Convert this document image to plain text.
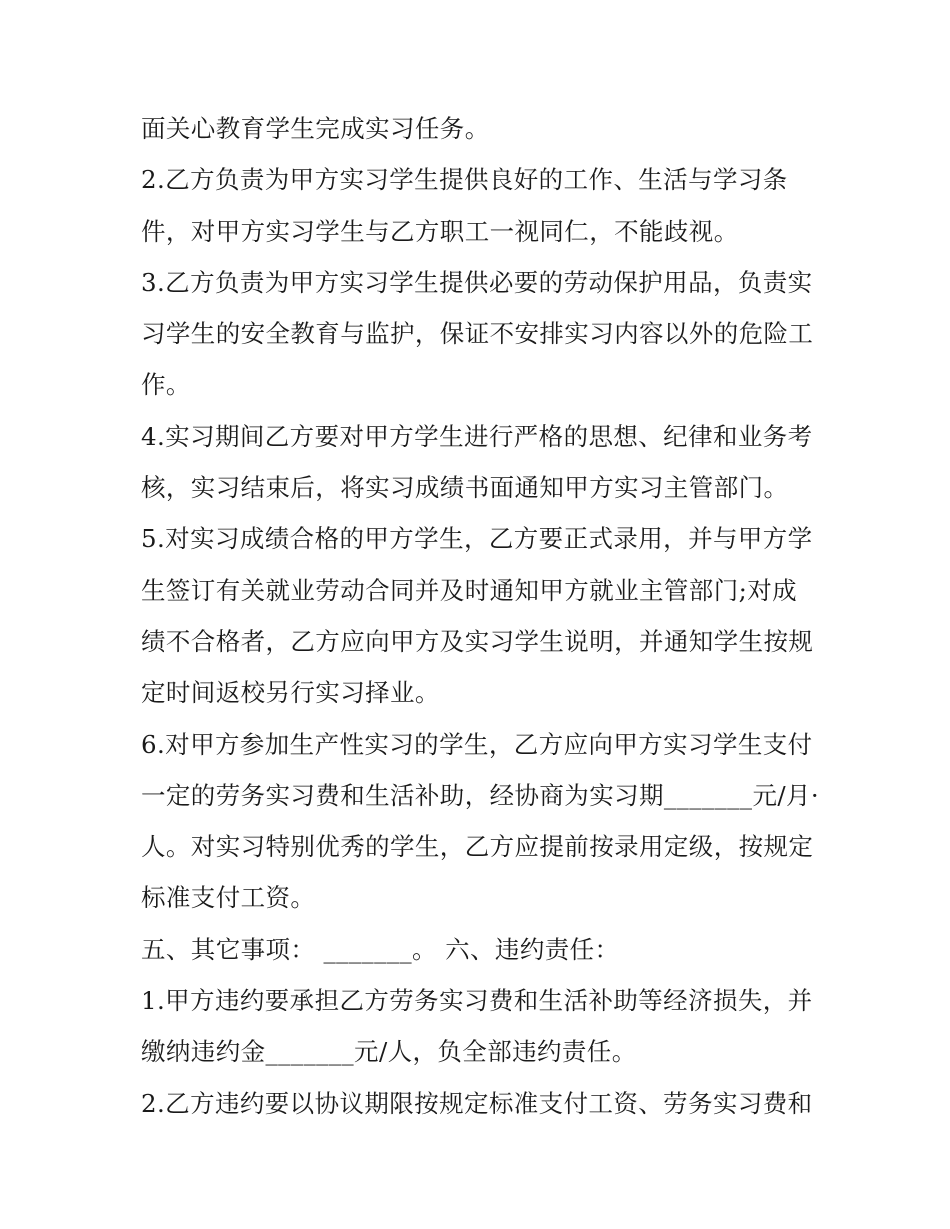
面关心教育学生完成实习任务。
2.乙方负责为甲方实习学生提供良好的工作、生活与学习条
件，对甲方实习学生与乙方职工一视同仁，不能歧视。
3.乙方负责为甲方实习学生提供必要的劳动保护用品，负责实
习学生的安全教育与监护，保证不安排实习内容以外的危险工
作。
4.实习期间乙方要对甲方学生进行严格的思想、纪律和业务考
核，实习结束后，将实习成绩书面通知甲方实习主管部门。
5.对实习成绩合格的甲方学生，乙方要正式录用，并与甲方学
生签订有关就业劳动合同并及时通知甲方就业主管部门;对成
绩不合格者，乙方应向甲方及实习学生说明，并通知学生按规
定时间返校另行实习择业。
6.对甲方参加生产性实习的学生，乙方应向甲方实习学生支付
一定的劳务实习费和生活补助，经协商为实习期_______元/月·
人。对实习特别优秀的学生，乙方应提前按录用定级，按规定
标准支付工资。
五、其它事项： _______。 六、违约责任：
1.甲方违约要承担乙方劳务实习费和生活补助等经济损失，并
缴纳违约金_______元/人，负全部违约责任。
2.乙方违约要以协议期限按规定标准支付工资、劳务实习费和
